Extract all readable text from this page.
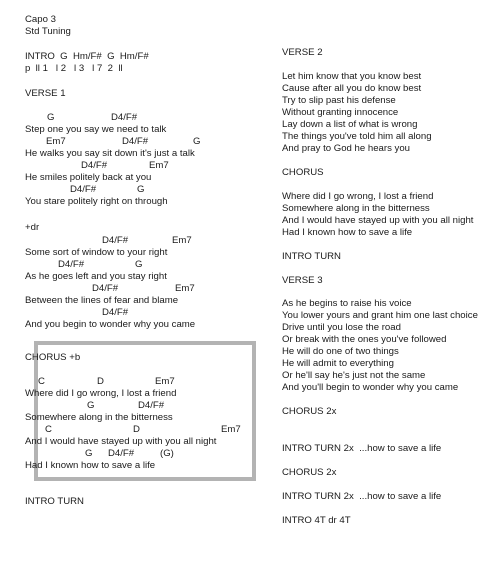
Capo 3
Std Tuning
INTRO  G  Hm/F#  G  Hm/F#
p  ll 1   l 2   l 3   l 7  2  ll
VERSE 1
G	D4/F#
Step one you say we need to talk
Em7	D4/F#	G
He walks you say sit down it's just a talk
D4/F#	Em7
He smiles politely back at you
D4/F#	G
You stare politely right on through
+dr
D4/F#	Em7
Some sort of window to your right
D4/F#	G
As he goes left and you stay right
D4/F#	Em7
Between the lines of fear and blame
D4/F#
And you begin to wonder why you came
CHORUS +b
C	D	Em7
Where did I go wrong, I lost a friend
G	D4/F#
Somewhere along in the bitterness
C	D	Em7
And I would have stayed up with you all night
G D4/F#	(G)
Had I known how to save a life
INTRO TURN
VERSE 2
Let him know that you know best
Cause after all you do know best
Try to slip past his defense
Without granting innocence
Lay down a list of what is wrong
The things you've told him all along
And pray to God he hears you
CHORUS
Where did I go wrong, I lost a friend
Somewhere along in the bitterness
And I would have stayed up with you all night
Had I known how to save a life
INTRO TURN
VERSE 3
As he begins to raise his voice
You lower yours and grant him one last choice
Drive until you lose the road
Or break with the ones you've followed
He will do one of two things
He will admit to everything
Or he'll say he's just not the same
And you'll begin to wonder why you came
CHORUS 2x
INTRO TURN 2x  ...how to save a life
CHORUS 2x
INTRO TURN 2x  ...how to save a life
INTRO 4T dr 4T
